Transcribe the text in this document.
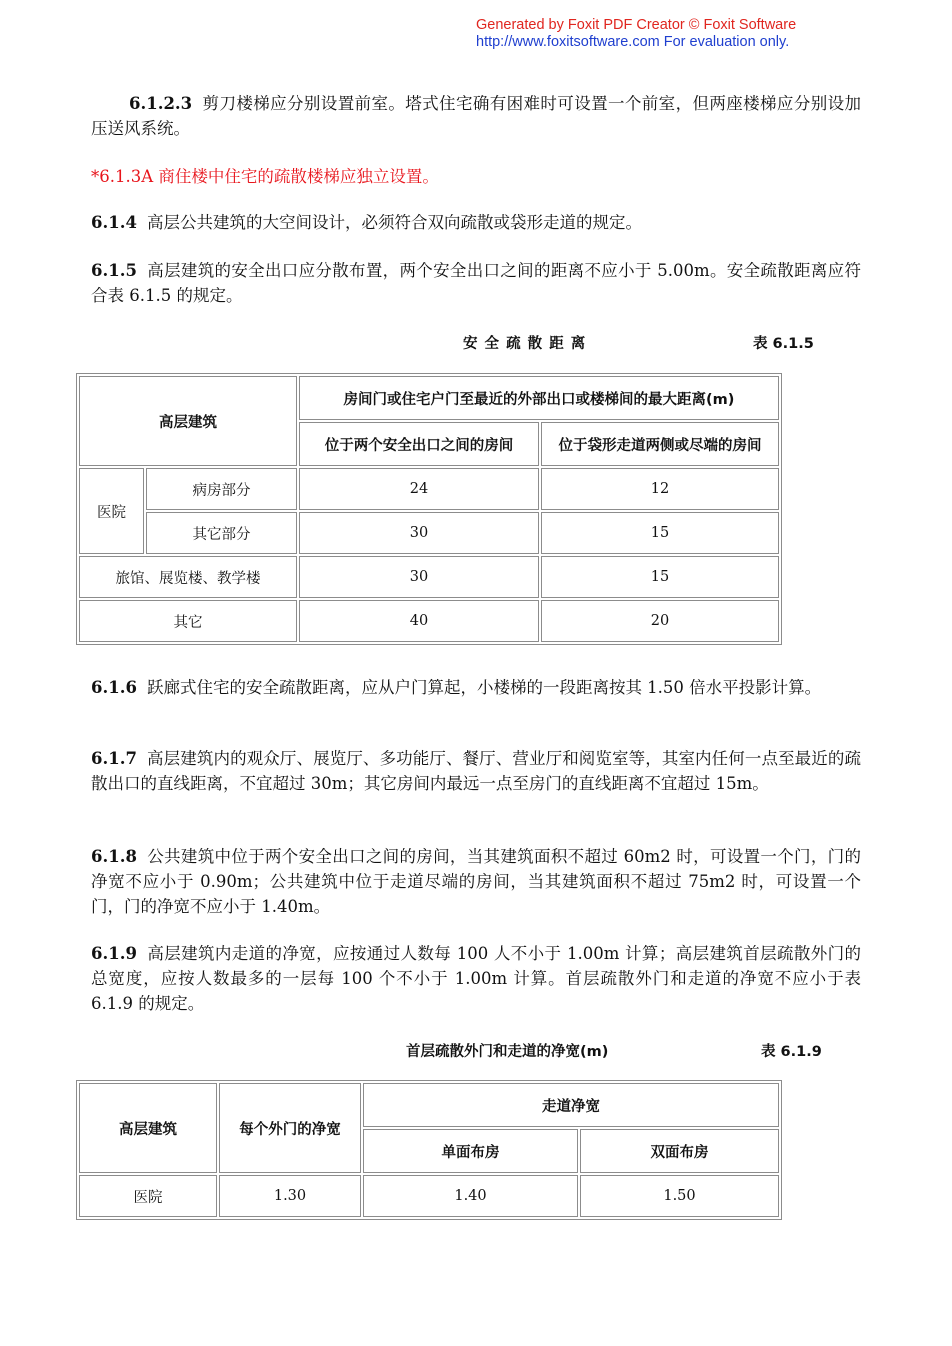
Generated by Foxit PDF Creator © Foxit Software
http://www.foxitsoftware.com For evaluation only.
6.1.2.3 剪刀楼梯应分别设置前室。塔式住宅确有困难时可设置一个前室，但两座楼梯应分别设加压送风系统。
*6.1.3A 商住楼中住宅的疏散楼梯应独立设置。
6.1.4 高层公共建筑的大空间设计，必须符合双向疏散或袋形走道的规定。
6.1.5 高层建筑的安全出口应分散布置，两个安全出口之间的距离不应小于 5.00m。安全疏散距离应符合表 6.1.5 的规定。
安 全 疏 散 距 离	表 6.1.5
高层建筑		房间门或住宅户门至最近的外部出口或楼梯间的最大距离(m)	
		位于两个安全出口之间的房间	位于袋形走道两侧或尽端的房间
医院	病房部分	24	12
	其它部分	30	15
旅馆、展览楼、教学楼		30	15
其它		40	20
6.1.6 跃廊式住宅的安全疏散距离，应从户门算起，小楼梯的一段距离按其 1.50 倍水平投影计算。
6.1.7 高层建筑内的观众厅、展览厅、多功能厅、餐厅、营业厅和阅览室等，其室内任何一点至最近的疏散出口的直线距离，不宜超过 30m；其它房间内最远一点至房门的直线距离不宜超过 15m。
6.1.8 公共建筑中位于两个安全出口之间的房间，当其建筑面积不超过 60m2 时，可设置一个门，门的净宽不应小于 0.90m；公共建筑中位于走道尽端的房间，当其建筑面积不超过 75m2 时，可设置一个门，门的净宽不应小于 1.40m。
6.1.9 高层建筑内走道的净宽，应按通过人数每 100 人不小于 1.00m 计算；高层建筑首层疏散外门的总宽度，应按人数最多的一层每 100 个不小于 1.00m 计算。首层疏散外门和走道的净宽不应小于表 6.1.9 的规定。
首层疏散外门和走道的净宽(m)	表 6.1.9
高层建筑	每个外门的净宽	走道净宽	
		单面布房	双面布房
医院	1.30	1.40	1.50
